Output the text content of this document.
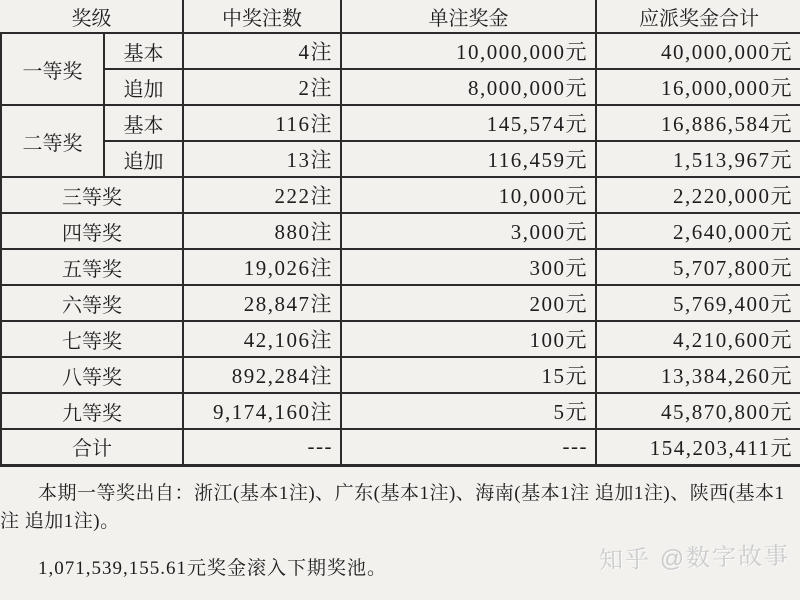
奖级		中奖注数	单注奖金	应派奖金合计
一等奖	基本	4注	10,000,000元	40,000,000元
	追加	2注	8,000,000元	16,000,000元
二等奖	基本	116注	145,574元	16,886,584元
	追加	13注	116,459元	1,513,967元
三等奖		222注	10,000元	2,220,000元
四等奖		880注	3,000元	2,640,000元
五等奖		19,026注	300元	5,707,800元
六等奖		28,847注	200元	5,769,400元
七等奖		42,106注	100元	4,210,600元
八等奖		892,284注	15元	13,384,260元
九等奖		9,174,160注	5元	45,870,800元
合计		---	---	154,203,411元

本期一等奖出自：浙江(基本1注)、广东(基本1注)、海南(基本1注 追加1注)、陕西(基本1注 追加1注)。

1,071,539,155.61元奖金滚入下期奖池。	知乎 @数字故事
